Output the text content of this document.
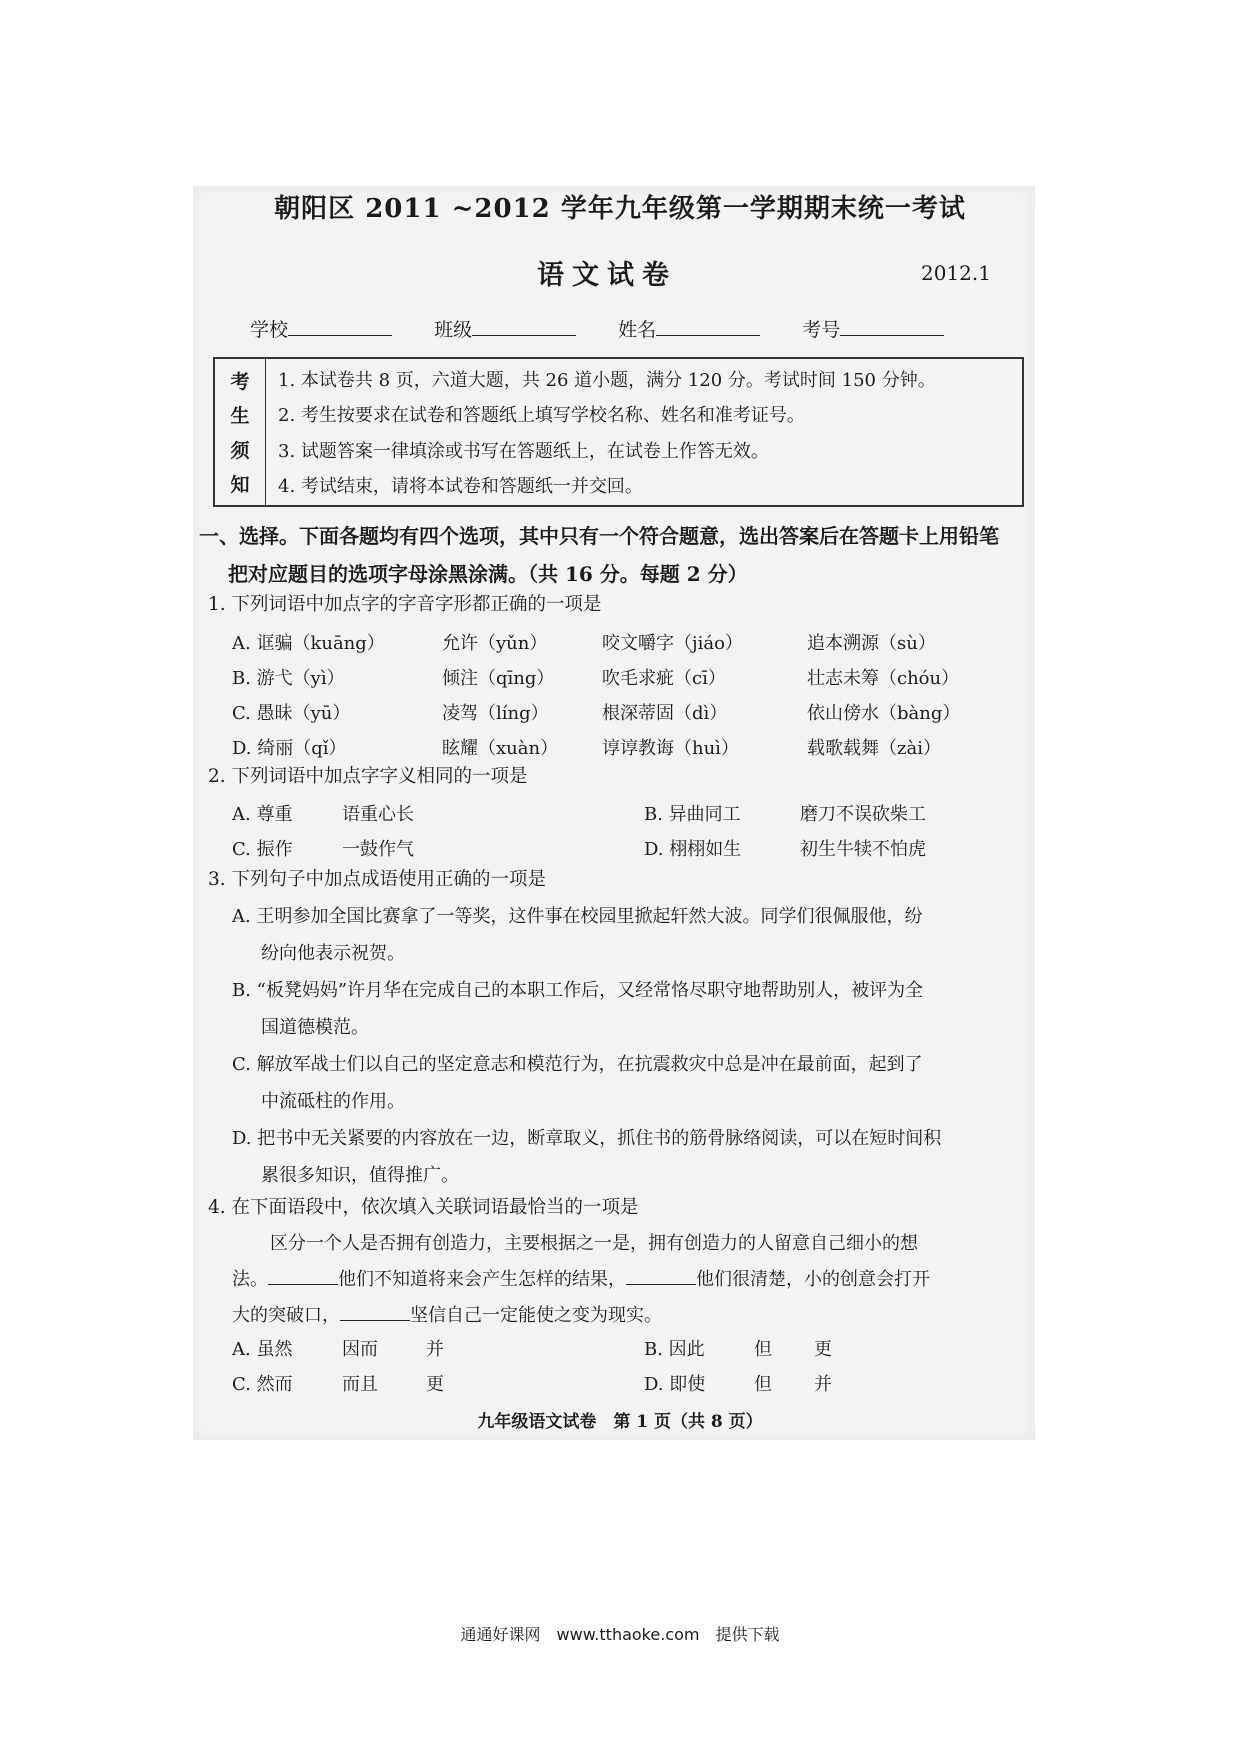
朝阳区 2011 ~2012 学年九年级第一学期期末统一考试
语文试卷	2012.1
学校	班级	姓名	考号
考
生
须
知
1. 本试卷共 8 页，六道大题，共 26 道小题，满分 120 分。考试时间 150 分钟。
2. 考生按要求在试卷和答题纸上填写学校名称、姓名和准考证号。
3. 试题答案一律填涂或书写在答题纸上，在试卷上作答无效。
4. 考试结束，请将本试卷和答题纸一并交回。
一、选择。下面各题均有四个选项，其中只有一个符合题意，选出答案后在答题卡上用铅笔
把对应题目的选项字母涂黑涂满。（共 16 分。每题 2 分）
1. 下列词语中加点字的字音字形都正确的一项是
A. 诓骗（kuāng）	允许（yǔn）	咬文嚼字（jiáo）	追本溯源（sù）
B. 游弋（yì）	倾注（qīng）	吹毛求疵（cī）	壮志未筹（chóu）
C. 愚昧（yū）	凌驾（líng）	根深蒂固（dì）	依山傍水（bàng）
D. 绮丽（qǐ）	眩耀（xuàn）	谆谆教诲（huì）	载歌载舞（zài）
2. 下列词语中加点字字义相同的一项是
A. 尊重	语重心长	B. 异曲同工	磨刀不误砍柴工
C. 振作	一鼓作气	D. 栩栩如生	初生牛犊不怕虎
3. 下列句子中加点成语使用正确的一项是
A. 王明参加全国比赛拿了一等奖，这件事在校园里掀起轩然大波。同学们很佩服他，纷
纷向他表示祝贺。
B. “板凳妈妈”许月华在完成自己的本职工作后，又经常恪尽职守地帮助别人，被评为全
国道德模范。
C. 解放军战士们以自己的坚定意志和模范行为，在抗震救灾中总是冲在最前面，起到了
中流砥柱的作用。
D. 把书中无关紧要的内容放在一边，断章取义，抓住书的筋骨脉络阅读，可以在短时间积
累很多知识，值得推广。
4. 在下面语段中，依次填入关联词语最恰当的一项是
区分一个人是否拥有创造力，主要根据之一是，拥有创造力的人留意自己细小的想
法。	他们不知道将来会产生怎样的结果，	他们很清楚，小的创意会打开
大的突破口，	坚信自己一定能使之变为现实。
A. 虽然	因而	并	B. 因此	但	更
C. 然而	而且	更	D. 即使	但	并
九年级语文试卷　第 1 页（共 8 页）
通通好课网　www.tthaoke.com　提供下载
